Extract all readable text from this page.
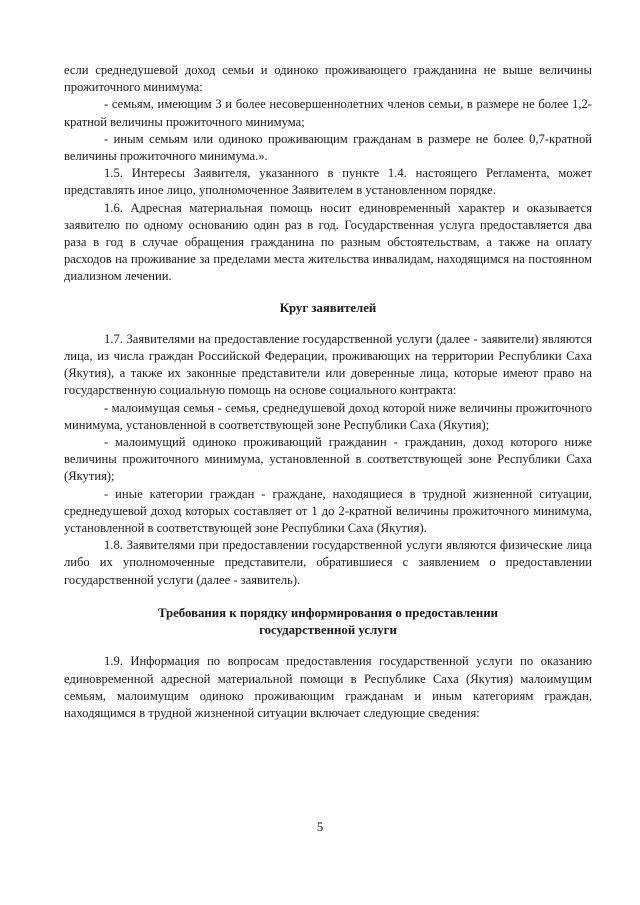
если среднедушевой доход семьи и одиноко проживающего гражданина не выше величины прожиточного минимума:

- семьям, имеющим 3 и более несовершеннолетних членов семьи, в размере не более 1,2-кратной величины прожиточного минимума;

- иным семьям или одиноко проживающим гражданам в размере не более 0,7-кратной величины прожиточного минимума.».

1.5. Интересы Заявителя, указанного в пункте 1.4. настоящего Регламента, может представлять иное лицо, уполномоченное Заявителем в установленном порядке.

1.6. Адресная материальная помощь носит единовременный характер и оказывается заявителю по одному основанию один раз в год. Государственная услуга предоставляется два раза в год в случае обращения гражданина по разным обстоятельствам, а также на оплату расходов на проживание за пределами места жительства инвалидам, находящимся на постоянном диализном лечении.

Круг заявителей

1.7. Заявителями на предоставление государственной услуги (далее - заявители) являются лица, из числа граждан Российской Федерации, проживающих на территории Республики Саха (Якутия), а также их законные представители или доверенные лица, которые имеют право на государственную социальную помощь на основе социального контракта:

- малоимущая семья - семья, среднедушевой доход которой ниже величины прожиточного минимума, установленной в соответствующей зоне Республики Саха (Якутия);

- малоимущий одиноко проживающий гражданин - гражданин, доход которого ниже величины прожиточного минимума, установленной в соответствующей зоне Республики Саха (Якутия);

- иные категории граждан - граждане, находящиеся в трудной жизненной ситуации, среднедушевой доход которых составляет от 1 до 2-кратной величины прожиточного минимума, установленной в соответствующей зоне Республики Саха (Якутия).

1.8. Заявителями при предоставлении государственной услуги являются физические лица либо их уполномоченные представители, обратившиеся с заявлением о предоставлении государственной услуги (далее - заявитель).

Требования к порядку информирования о предоставлении

государственной услуги

1.9. Информация по вопросам предоставления государственной услуги по оказанию единовременной адресной материальной помощи в Республике Саха (Якутия) малоимущим семьям, малоимущим одиноко проживающим гражданам и иным категориям граждан, находящимся в трудной жизненной ситуации включает следующие сведения:

5
